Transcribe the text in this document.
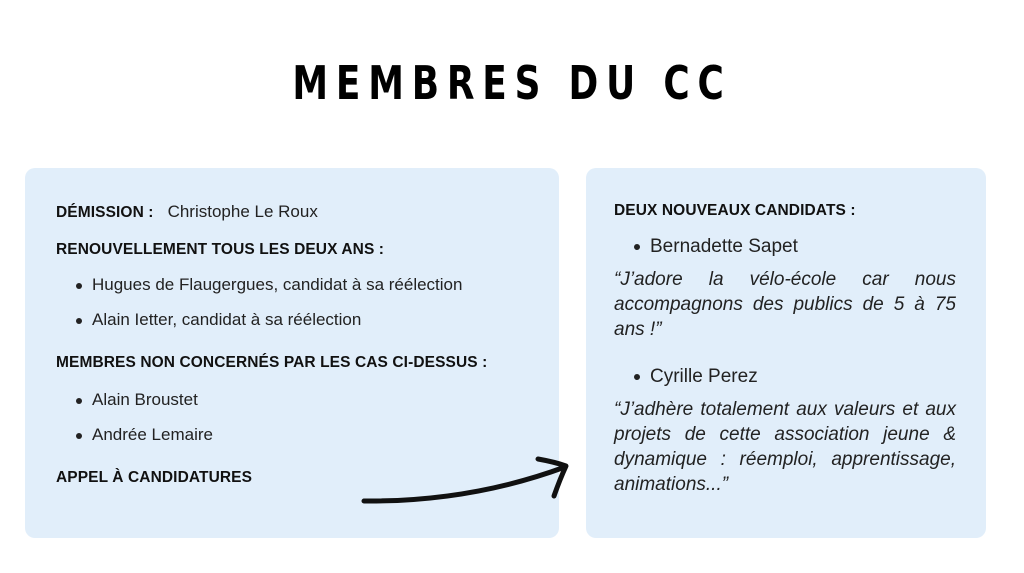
MEMBRES DU CC
DÉMISSION : Christophe Le Roux
RENOUVELLEMENT TOUS LES DEUX ANS :
Hugues de Flaugergues, candidat à sa réélection
Alain Ietter, candidat à sa réélection
MEMBRES NON CONCERNÉS PAR LES CAS CI-DESSUS :
Alain Broustet
Andrée Lemaire
APPEL À CANDIDATURES
DEUX NOUVEAUX CANDIDATS :
Bernadette Sapet
“J’adore la vélo-école car nous accompagnons des publics de 5 à 75 ans !”
Cyrille Perez
“J’adhère totalement aux valeurs et aux projets de cette association jeune & dynamique : réemploi, apprentissage, animations...”
